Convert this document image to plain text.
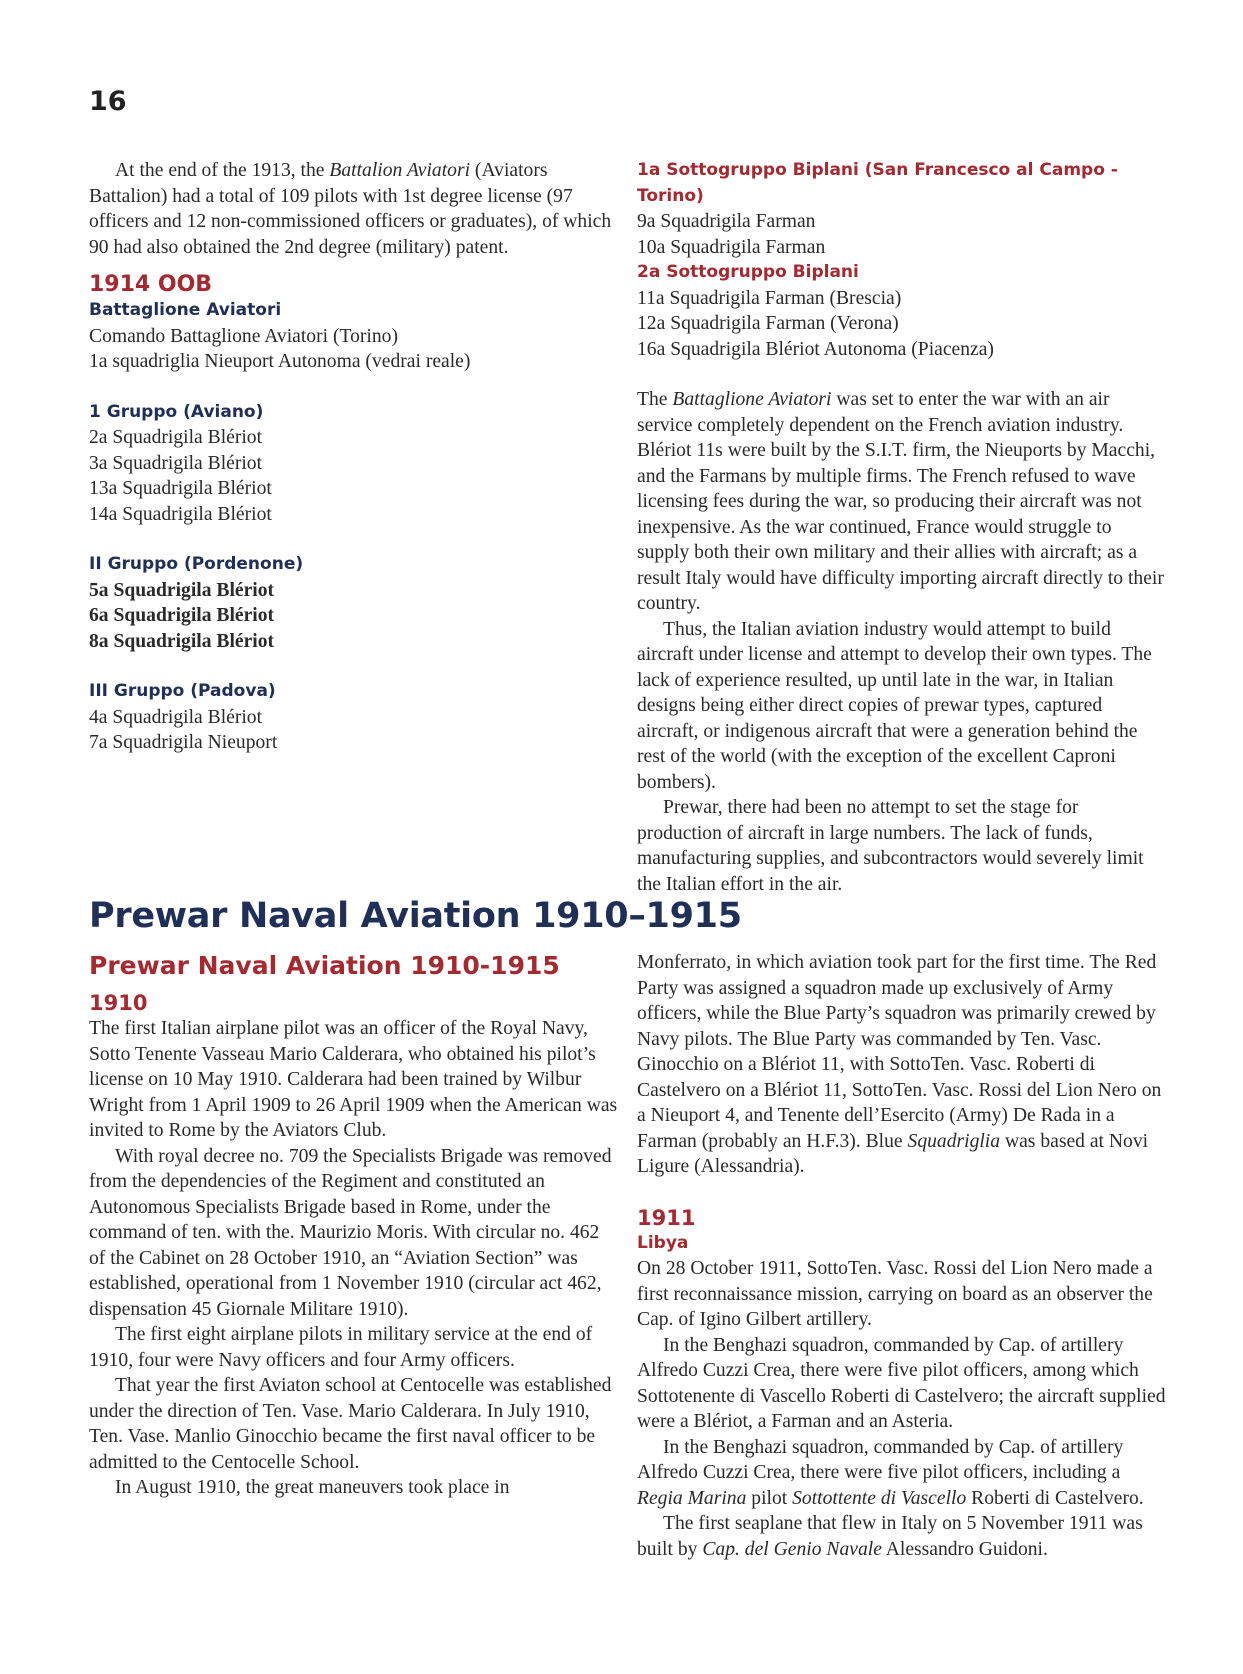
16

At the end of the 1913, the Battalion Aviatori (Aviators Battalion) had a total of 109 pilots with 1st degree license (97 officers and 12 non-commissioned officers or graduates), of which 90 had also obtained the 2nd degree (military) patent.

1914 OOB
Battaglione Aviatori
Comando Battaglione Aviatori (Torino)
1a squadriglia Nieuport Autonoma (vedrai reale)
1 Gruppo (Aviano)
2a Squadrigila Blériot
3a Squadrigila Blériot
13a Squadrigila Blériot
14a Squadrigila Blériot
II Gruppo (Pordenone)
5a Squadrigila Blériot
6a Squadrigila Blériot
8a Squadrigila Blériot
III Gruppo (Padova)
4a Squadrigila Blériot
7a Squadrigila Nieuport
1a Sottogruppo Biplani (San Francesco al Campo - Torino)
9a Squadrigila Farman
10a Squadrigila Farman
2a Sottogruppo Biplani
11a Squadrigila Farman (Brescia)
12a Squadrigila Farman (Verona)
16a Squadrigila Blériot Autonoma (Piacenza)

The Battaglione Aviatori was set to enter the war with an air service completely dependent on the French aviation industry. Blériot 11s were built by the S.I.T. firm, the Nieuports by Macchi, and the Farmans by multiple firms. The French refused to wave licensing fees during the war, so producing their aircraft was not inexpensive. As the war continued, France would struggle to supply both their own military and their allies with aircraft; as a result Italy would have difficulty importing aircraft directly to their country.

Thus, the Italian aviation industry would attempt to build aircraft under license and attempt to develop their own types. The lack of experience resulted, up until late in the war, in Italian designs being either direct copies of prewar types, captured aircraft, or indigenous aircraft that were a generation behind the rest of the world (with the exception of the excellent Caproni bombers).

Prewar, there had been no attempt to set the stage for production of aircraft in large numbers. The lack of funds, manufacturing supplies, and subcontractors would severely limit the Italian effort in the air.

Prewar Naval Aviation 1910–1915
Prewar Naval Aviation 1910-1915
1910

The first Italian airplane pilot was an officer of the Royal Navy, Sotto Tenente Vasseau Mario Calderara, who obtained his pilot’s license on 10 May 1910. Calderara had been trained by Wilbur Wright from 1 April 1909 to 26 April 1909 when the American was invited to Rome by the Aviators Club.

With royal decree no. 709 the Specialists Brigade was removed from the dependencies of the Regiment and constituted an Autonomous Specialists Brigade based in Rome, under the command of ten. with the. Maurizio Moris. With circular no. 462 of the Cabinet on 28 October 1910, an “Aviation Section” was established, operational from 1 November 1910 (circular act 462, dispensation 45 Giornale Militare 1910).

The first eight airplane pilots in military service at the end of 1910, four were Navy officers and four Army officers.

That year the first Aviaton school at Centocelle was established under the direction of Ten. Vase. Mario Calderara. In July 1910, Ten. Vase. Manlio Ginocchio became the first naval officer to be admitted to the Centocelle School.

In August 1910, the great maneuvers took place in

Monferrato, in which aviation took part for the first time. The Red Party was assigned a squadron made up exclusively of Army officers, while the Blue Party’s squadron was primarily crewed by Navy pilots. The Blue Party was commanded by Ten. Vasc. Ginocchio on a Blériot 11, with SottoTen. Vasc. Roberti di Castelvero on a Blériot 11, SottoTen. Vasc. Rossi del Lion Nero on a Nieuport 4, and Tenente dell’Esercito (Army) De Rada in a Farman (probably an H.F.3). Blue Squadriglia was based at Novi Ligure (Alessandria).

1911
Libya

On 28 October 1911, SottoTen. Vasc. Rossi del Lion Nero made a first reconnaissance mission, carrying on board as an observer the Cap. of Igino Gilbert artillery.

In the Benghazi squadron, commanded by Cap. of artillery Alfredo Cuzzi Crea, there were five pilot officers, among which Sottotenente di Vascello Roberti di Castelvero; the aircraft supplied were a Blériot, a Farman and an Asteria.

In the Benghazi squadron, commanded by Cap. of artillery Alfredo Cuzzi Crea, there were five pilot officers, including a Regia Marina pilot Sottottente di Vascello Roberti di Castelvero.

The first seaplane that flew in Italy on 5 November 1911 was built by Cap. del Genio Navale Alessandro Guidoni.
